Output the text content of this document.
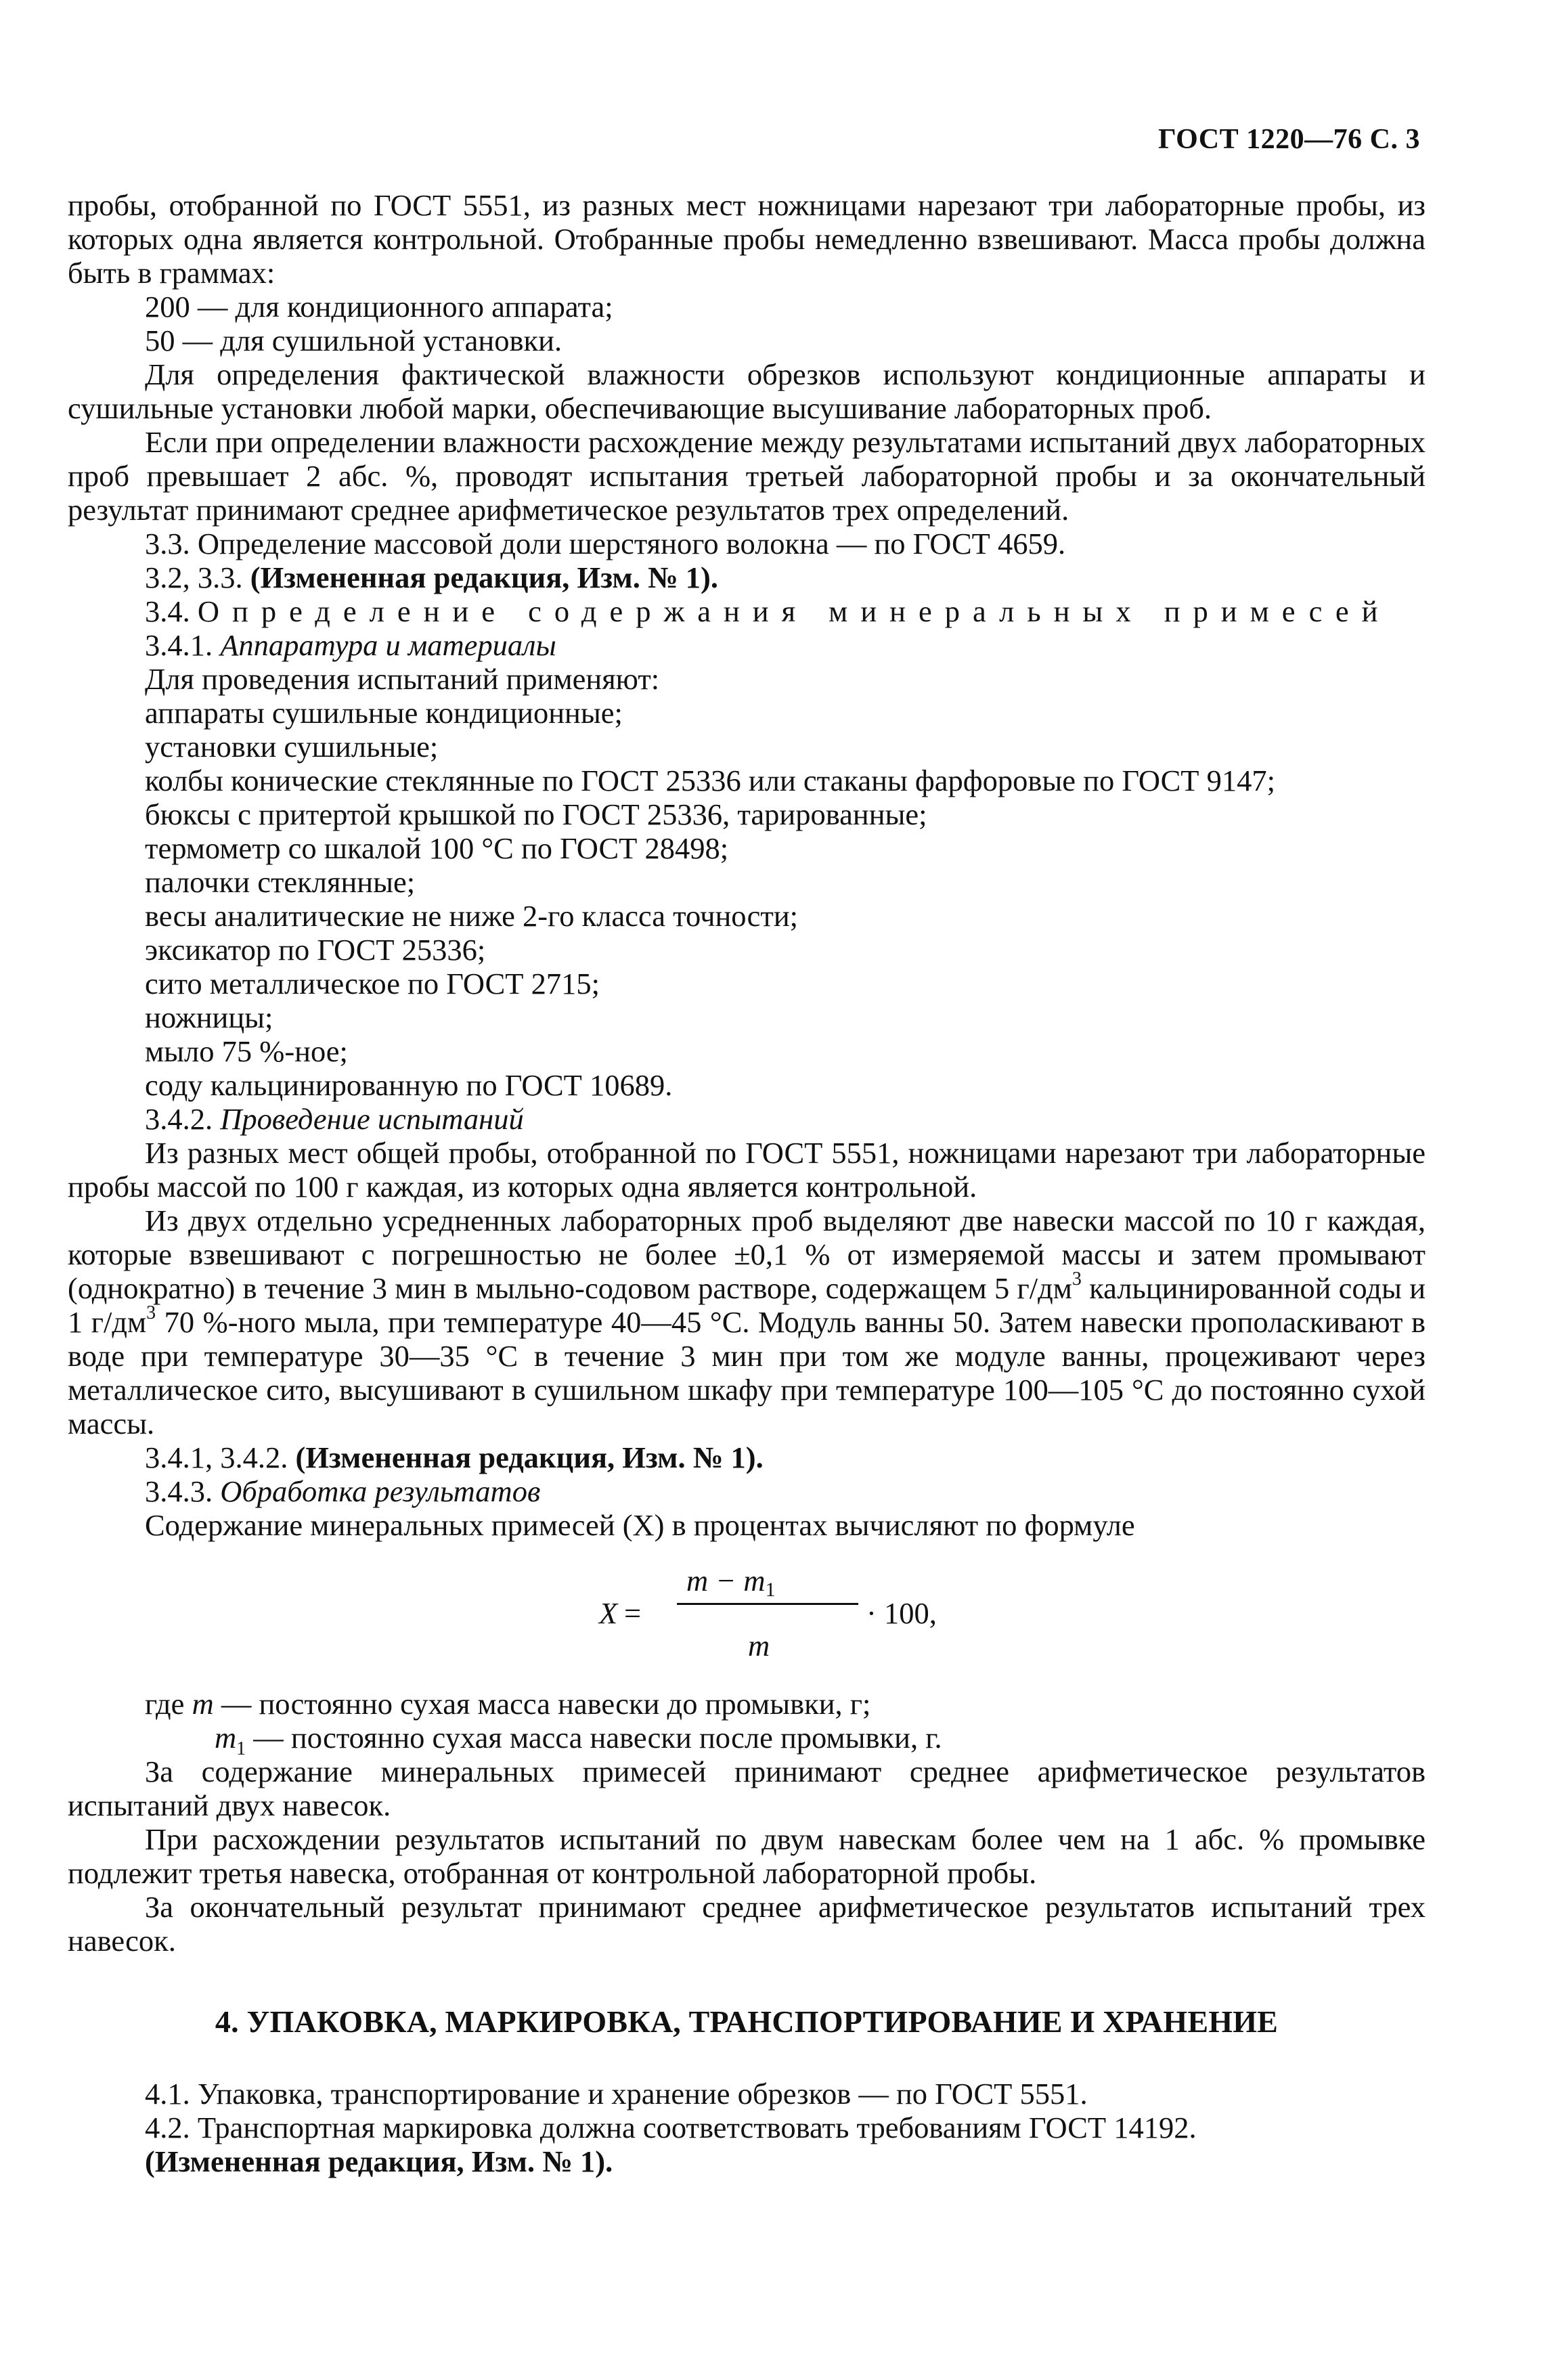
ГОСТ 1220—76 С. 3

пробы, отобранной по ГОСТ 5551, из разных мест ножницами нарезают три лабораторные пробы, из которых одна является контрольной. Отобранные пробы немедленно взвешивают. Масса пробы должна быть в граммах:

200 — для кондиционного аппарата;

50 — для сушильной установки.

Для определения фактической влажности обрезков используют кондиционные аппараты и сушильные установки любой марки, обеспечивающие высушивание лабораторных проб.

Если при определении влажности расхождение между результатами испытаний двух лабораторных проб превышает 2 абс. %, проводят испытания третьей лабораторной пробы и за окончательный результат принимают среднее арифметическое результатов трех определений.

3.3. Определение массовой доли шерстяного волокна — по ГОСТ 4659.

3.2, 3.3. (Измененная редакция, Изм. № 1).

3.4. Определение содержания минеральных примесей

3.4.1. Аппаратура и материалы

Для проведения испытаний применяют:

аппараты сушильные кондиционные;

установки сушильные;

колбы конические стеклянные по ГОСТ 25336 или стаканы фарфоровые по ГОСТ 9147;

бюксы с притертой крышкой по ГОСТ 25336, тарированные;

термометр со шкалой 100 °С по ГОСТ 28498;

палочки стеклянные;

весы аналитические не ниже 2-го класса точности;

эксикатор по ГОСТ 25336;

сито металлическое по ГОСТ 2715;

ножницы;

мыло 75 %-ное;

соду кальцинированную по ГОСТ 10689.

3.4.2. Проведение испытаний

Из разных мест общей пробы, отобранной по ГОСТ 5551, ножницами нарезают три лабораторные пробы массой по 100 г каждая, из которых одна является контрольной.

Из двух отдельно усредненных лабораторных проб выделяют две навески массой по 10 г каждая, которые взвешивают с погрешностью не более ±0,1 % от измеряемой массы и затем промывают (однократно) в течение 3 мин в мыльно-содовом растворе, содержащем 5 $г/дм^3$ кальцинированной соды и 1 $г/дм^3$ 70 %-ного мыла, при температуре 40—45 °С. Модуль ванны 50. Затем навески прополаскивают в воде при температуре 30—35 °С в течение 3 мин при том же модуле ванны, процеживают через металлическое сито, высушивают в сушильном шкафу при температуре 100—105 °С до постоянно сухой массы.

3.4.1, 3.4.2. (Измененная редакция, Изм. № 1).

3.4.3. Обработка результатов

Содержание минеральных примесей (X) в процентах вычисляют по формуле

X =
m − m1
m
· 100,

где m — постоянно сухая масса навески до промывки, г;

$m_1$ — постоянно сухая масса навески после промывки, г.

За содержание минеральных примесей принимают среднее арифметическое результатов испытаний двух навесок.

При расхождении результатов испытаний по двум навескам более чем на 1 абс. % промывке подлежит третья навеска, отобранная от контрольной лабораторной пробы.

За окончательный результат принимают среднее арифметическое результатов испытаний трех навесок.

4. УПАКОВКА, МАРКИРОВКА, ТРАНСПОРТИРОВАНИЕ И ХРАНЕНИЕ

4.1. Упаковка, транспортирование и хранение обрезков — по ГОСТ 5551.

4.2. Транспортная маркировка должна соответствовать требованиям ГОСТ 14192.

(Измененная редакция, Изм. № 1).
